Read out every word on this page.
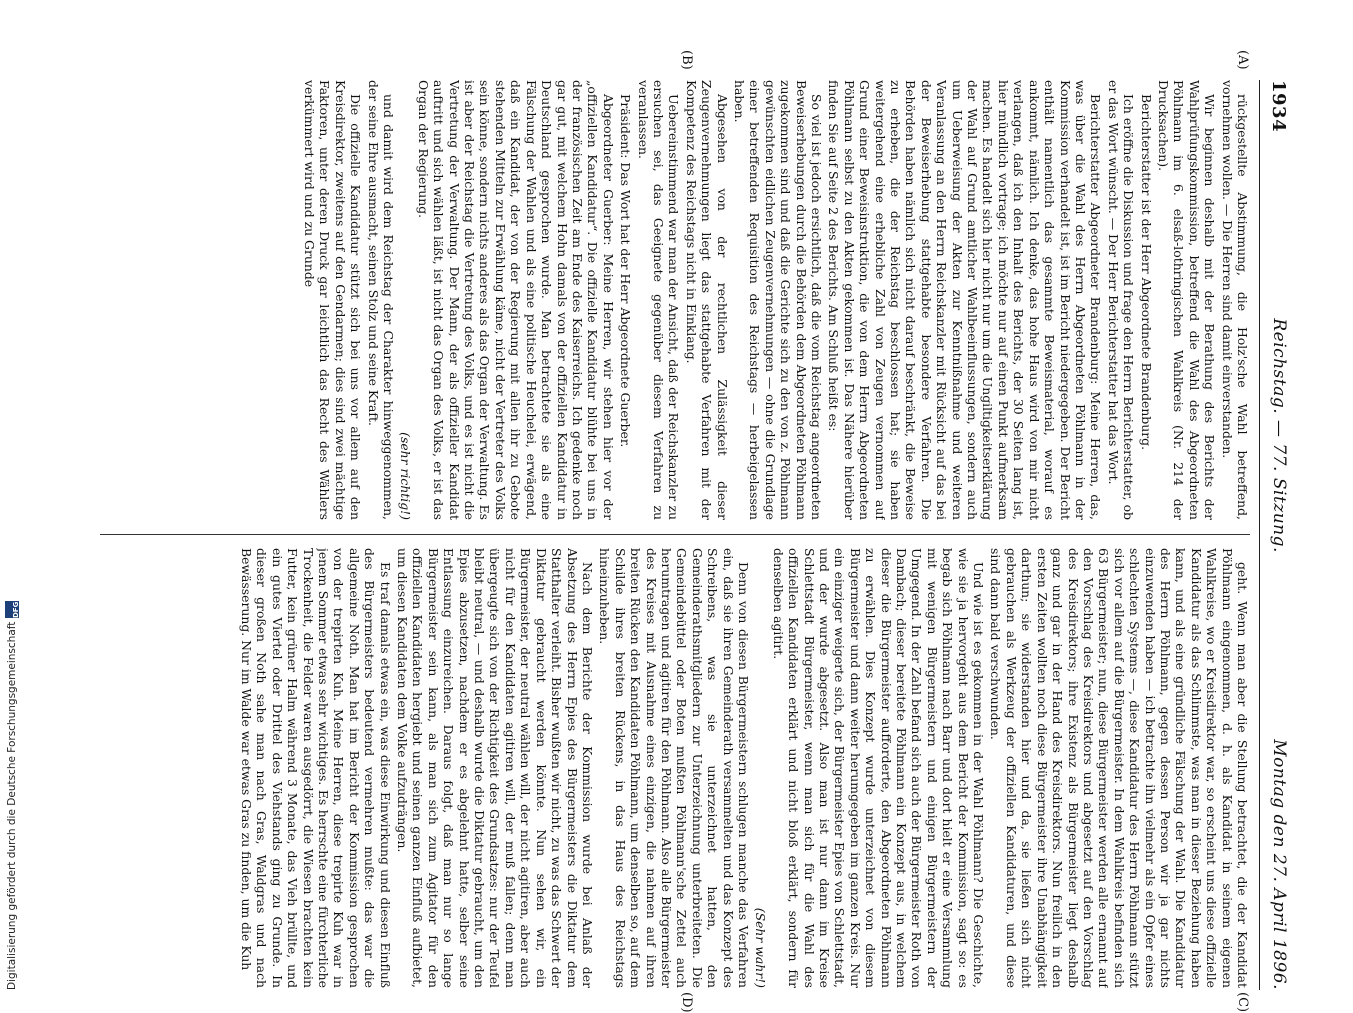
1934
Reichstag. — 77. Sitzung.
Montag den 27. April 1896.
(A)
(B)
(C)
(D)

rückgestellte Abstimmung, die Holz'sche Wahl betreffend, vornehmen wollen. — Die Herren sind damit einverstanden.

Wir beginnen deshalb mit der Berathung des Berichts der Wahlprüfungskommission, betreffend die Wahl des Abgeordneten Pöhlmann im 6. elsaß-lothringischen Wahlkreis (Nr. 214 der Drucksachen).

Berichterstatter ist der Herr Abgeordnete Brandenburg.

Ich eröffne die Diskussion und frage den Herrn Berichterstatter, ob er das Wort wünscht. — Der Herr Berichterstatter hat das Wort.

Berichterstatter Abgeordneter Brandenburg: Meine Herren, das, was über die Wahl des Herrn Abgeordneten Pöhlmann in der Kommission verhandelt ist, ist im Bericht niedergegeben. Der Bericht enthält namentlich das gesammte Beweismaterial, worauf es ankommt, nämlich. Ich denke, das hohe Haus wird von mir nicht verlangen, daß ich den Inhalt des Berichts, der 30 Seiten lang ist, hier mündlich vortrage; ich möchte nur auf einen Punkt aufmerksam machen. Es handelt sich hier nicht nur um die Ungiltigkeitserklärung der Wahl auf Grund amtlicher Wahlbeeinflussungen, sondern auch um Ueberweisung der Akten zur Kenntnißnahme und weiteren Veranlassung an den Herrn Reichskanzler mit Rücksicht auf das bei der Beweiserhebung stattgehabte besondere Verfahren. Die Behörden haben nämlich sich nicht darauf beschränkt, die Beweise zu erheben, die der Reichstag beschlossen hat; sie haben weitergehend eine erhebliche Zahl von Zeugen vernommen auf Grund einer Beweisinstruktion, die von dem Herrn Abgeordneten Pöhlmann selbst zu den Akten gekommen ist. Das Nähere hierüber finden Sie auf Seite 2 des Berichts. Am Schluß heißt es:

So viel ist jedoch ersichtlich, daß die vom Reichstag angeordneten Beweiserhebungen durch die Behörden dem Abgeordneten Pöhlmann zugekommen sind und daß die Gerichte sich zu den von z. Pöhlmann gewünschten eidlichen Zeugenvernehmungen — ohne die Grundlage einer betreffenden Requisition des Reichstags — herbeigelassen haben.

Abgesehen von der rechtlichen Zulässigkeit dieser Zeugenvernehmungen liegt das stattgehabte Verfahren mit der Kompetenz des Reichstags nicht in Einklang.

Uebereinstimmend war man der Ansicht, daß der Reichskanzler zu ersuchen sei, das Geeignete gegenüber diesem Verfahren zu veranlassen.

Präsident: Das Wort hat der Herr Abgeordnete Guerber.

Abgeordneter Guerber: Meine Herren, wir stehen hier vor der „offiziellen Kandidatur“. Die offizielle Kandidatur blühte bei uns in der französischen Zeit am Ende des Kaiserreichs. Ich gedenke noch gar gut, mit welchem Hohn damals von der offiziellen Kandidatur in Deutschland gesprochen wurde. Man betrachtete sie als eine Fälschung der Wahlen und als eine politische Heuchelei, erwägend, daß ein Kandidat, der von der Regierung mit allen ihr zu Gebote stehenden Mitteln zur Erwählung käme, nicht der Vertreter des Volks sein könne, sondern nichts anderes als das Organ der Verwaltung. Es ist aber der Reichstag die Vertretung des Volks, und es ist nicht die Vertretung der Verwaltung. Der Mann, der als offizieller Kandidat auftritt und sich wählen läßt, ist nicht das Organ des Volks, er ist das Organ der Regierung.

(sehr richtig!)

und damit wird dem Reichstag der Charakter hinweggenommen, der seine Ehre ausmacht, seinen Stolz und seine Kraft.

Die offizielle Kandidatur stützt sich bei uns vor allem auf den Kreisdirektor, zweitens auf den Gendarmen; dies sind zwei mächtige Faktoren, unter deren Druck gar leichtlich das Recht des Wählers verkümmert wird und zu Grunde

geht. Wenn man aber die Stellung betrachtet, die der Kandidat Pöhlmann eingenommen, d. h. als Kandidat in seinem eigenen Wahlkreise, wo er Kreisdirektor war, so erscheint uns diese offizielle Kandidatur als das Schlimmste, was man in dieser Beziehung haben kann, und als eine gründliche Fälschung der Wahl. Die Kandidatur des Herrn Pöhlmann, gegen dessen Person wir ja gar nichts einzuwenden haben — ich betrachte ihn vielmehr als ein Opfer eines schlechten Systems —, diese Kandidatur des Herrn Pöhlmann stützt sich vor allem auf die Bürgermeister. In dem Wahlkreis befinden sich 63 Bürgermeister; nun, diese Bürgermeister werden alle ernannt auf den Vorschlag des Kreisdirektors und abgesetzt auf den Vorschlag des Kreisdirektors; ihre Existenz als Bürgermeister liegt deshalb ganz und gar in der Hand des Kreisdirektors. Nun freilich in den ersten Zeiten wollten noch diese Bürgermeister ihre Unabhängigkeit darthun; sie widerstanden hier und da, sie ließen sich nicht gebrauchen als Werkzeug der offiziellen Kandidaturen, und diese sind dann bald verschwunden.

Und wie ist es gekommen in der Wahl Pöhlmann? Die Geschichte, wie sie ja hervorgeht aus dem Bericht der Kommission, sagt so: es begab sich Pöhlmann nach Barr und dort hielt er eine Versammlung mit wenigen Bürgermeistern und einigen Bürgermeistern der Umgegend. In der Zahl befand sich auch der Bürgermeister Roth von Dambach; dieser bereitete Pöhlmann ein Konzept aus, in welchem dieser die Bürgermeister aufforderte, den Abgeordneten Pöhlmann zu erwählen. Dies Konzept wurde unterzeichnet von diesem Bürgermeister und dann weiter herumgegeben im ganzen Kreis. Nur ein einziger weigerte sich, der Bürgermeister Epies von Schlettstadt, und der wurde abgesetzt. Also man ist nur dann im Kreise Schlettstadt Bürgermeister, wenn man sich für die Wahl des offiziellen Kandidaten erklärt und nicht bloß erklärt, sondern für denselben agitirt.

(Sehr wahr!)

Denn von diesen Bürgermeistern schlugen manche das Verfahren ein, daß sie ihren Gemeinderath versammelten und das Konzept des Schreibens, was sie unterzeichnet hatten, den Gemeinderathsmitgliedern zur Unterzeichnung unterbreiteten. Die Gemeindebüttel oder Boten mußten Pöhlmann'sche Zettel auch herumtragen und agitiren für den Pöhlmann. Also alle Bürgermeister des Kreises mit Ausnahme eines einzigen, die nahmen auf ihren breiten Rücken den Kandidaten Pöhlmann, um denselben so, auf dem Schilde ihres breiten Rückens, in das Haus des Reichstags hineinzuheben.

Nach dem Berichte der Kommission wurde bei Anlaß der Absetzung des Herrn Epies des Bürgermeisters die Diktatur dem Statthalter verleiht. Bisher wußten wir nicht, zu was das Schwert der Diktatur gebraucht werden könnte. Nun sehen wir, ein Bürgermeister, der neutral wählen will, der nicht agitiren, aber auch nicht für den Kandidaten agitiren will, der muß fallen; denn man übergeugte sich von der Richtigkeit des Grundsatzes: nur der Teufel bleibt neutral, — und deshalb wurde die Diktatur gebraucht, um den Epies abzusetzen, nachdem er es abgelehnt hatte, selber seine Entlassung einzureichen. Daraus folgt, daß man nur so lange Bürgermeister sein kann, als man sich zum Agitator für den offiziellen Kandidaten hergiebt und seinen ganzen Einfluß aufbietet, um diesen Kandidaten dem Volke aufzudrängen.

Es traf damals etwas ein, was diese Einwirkung und diesen Einfluß des Bürgermeisters bedeutend vermehren mußte: das war die allgemeine Noth. Man hat im Bericht der Kommission gesprochen von der trepirten Kuh. Meine Herren, diese trepirte Kuh war in jenem Sommer etwas sehr wichtiges. Es herrschte eine fürchterliche Trockenheit, die Felder waren ausgedörrt, die Wiesen brachten kein Futter, kein grüner Halm während 3 Monate, das Vieh brüllte, und ein gutes Viertel oder Drittel des Viehstands ging zu Grunde. In dieser großen Noth sahe man nach Gras, Waldgras und nach Bewässerung. Nur im Walde war etwas Gras zu finden, um die Kuh

Digitalisierung gefördert durch die Deutsche Forschungsgemeinschaft
DFG
